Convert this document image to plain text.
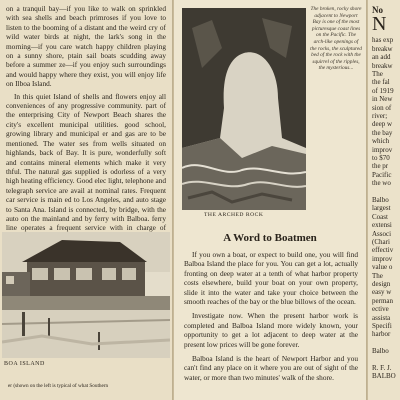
on a tranquil bay—if you like to walk on sprinkled with sea shells and beach primroses if you love to listen to the booming of a distant and the weird cry of wild water birds at night, the lark's song in the morning—if you care watch happy children playing on a sunny shore, ptain sail boats scudding away before a summer ze—if you enjoy such surroundings and would happy where they exist, you will enjoy life on Ilboa Island.

In this quiet Island of shells and flowers enjoy all conveniences of any progressive community. part of the enterprising City of Newport Beach shares the city's excellent municipal utilities. good school, growing library and municipal er and gas are to be mentioned. The water ses from wells situated on highlands, back of Bay. It is pure, wonderfully soft and contains mineral elements which make it very thful. The natural gas supplied is odorless of a very high heating efficiency. Good elec light, telephone and telegraph service are avail at nominal rates. Frequent car service is main ed to Los Angeles, and auto stage to Santa Ana. Island is connected, by bridge, with the auto on the mainland and by ferry with Balboa. ferry line operates a frequent service with in charge of

BOA ISLAND
er (shown on the left is typical of what Southern
THE ARCHED ROCK
The broken, rocky shore adjacent to Newport Bay is one of the most picturesque coast lines on the Pacific. The arch-like openings of the rocks, the sculptured bed of the rock with the squirrel of the ripples, the mysterious...
A Word to Boatmen

If you own a boat, or expect to build one, you will find Balboa Island the place for you. You can get a lot, actually fronting on deep water at a tenth of what harbor property costs elsewhere, build your boat on your own property, slide it into the water and take your choice between the smooth reaches of the bay or the blue billows of the ocean.

Investigate now. When the present harbor work is completed and Balboa Island more widely known, your opportunity to get a lot adjacent to deep water at the present low prices will be gone forever.

Balboa Island is the heart of Newport Harbor and you can't find any place on it where you are out of sight of the water, or more than two minutes' walk of the shore.

No
N
has exp
breakw
an add
breakw
The
the fal
of 1919
in New
sion of
river;
deep w
the bay
which
improv
to $70
the pr
Pacific
the wo
Balbo
largest
Coast
extensi
Associ
(Chari
effectiv
improv
value o
The
design
easy w
perman
ective
assista
Specifi
harbor
Balbo
R. F. J.
BALBO
